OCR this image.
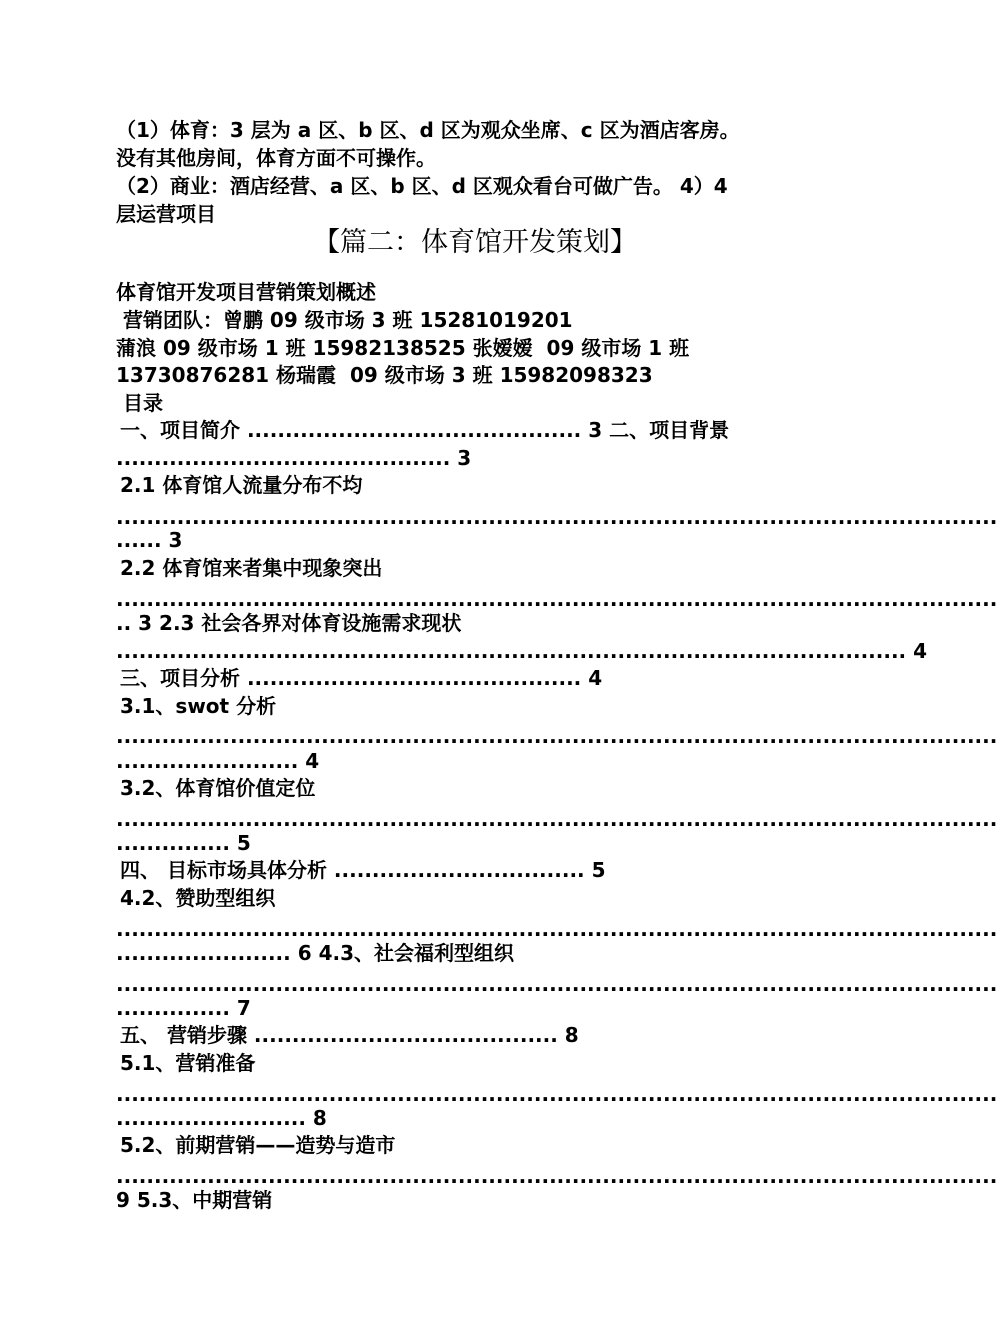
（1）体育：3 层为 a 区、b 区、d 区为观众坐席、c 区为酒店客房。
没有其他房间，体育方面不可操作。
（2）商业：酒店经营、a 区、b 区、d 区观众看台可做广告。 4）4
层运营项目
【篇二：体育馆开发策划】
体育馆开发项目营销策划概述
营销团队：曾鹏 09 级市场 3 班 15281019201
蒲浪 09 级市场 1 班 15982138525 张嫒嫒  09 级市场 1 班
13730876281 杨瑞霞  09 级市场 3 班 15982098323
目录
一、项目简介 ............................................ 3 二、项目背景
............................................ 3
2.1 体育馆人流量分布不均
....................................................................................................................
...... 3
2.2 体育馆来者集中现象突出
....................................................................................................................
.. 3 2.3 社会各界对体育设施需求现状
........................................................................................................ 4
三、项目分析 ............................................ 4
3.1、swot 分析
....................................................................................................................
........................ 4
3.2、体育馆价值定位
....................................................................................................................
............... 5
四、 目标市场具体分析 ................................. 5
4.2、赞助型组织
....................................................................................................................
....................... 6 4.3、社会福利型组织
....................................................................................................................
............... 7
五、 营销步骤 ........................................ 8
5.1、营销准备
....................................................................................................................
......................... 8
5.2、前期营销——造势与造市
....................................................................................................................
9 5.3、中期营销
